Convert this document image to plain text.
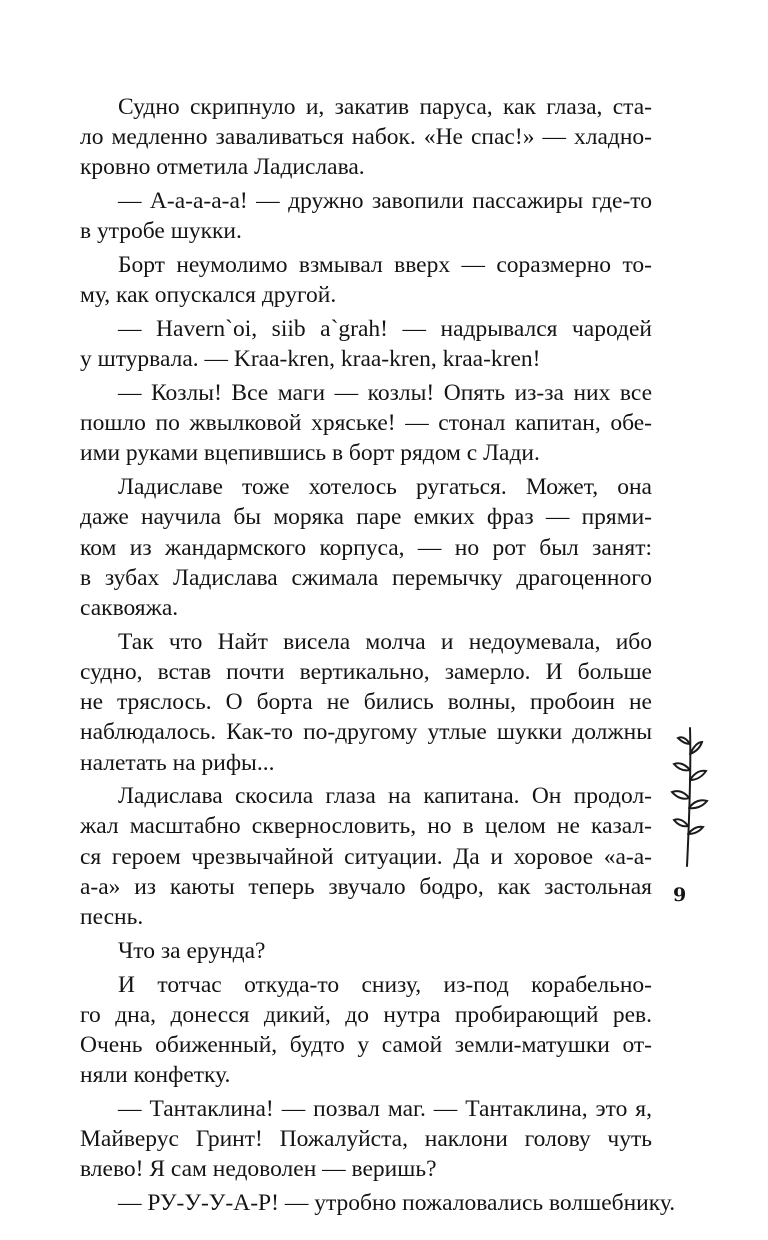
Судно скрипнуло и, закатив паруса, как глаза, ста-
ло медленно заваливаться набок. «Не спас!» — хладно-
кровно отметила Ладислава.
— А-а-а-а-а! — дружно завопили пассажиры где-то
в утробе шукки.
Борт неумолимо взмывал вверх — соразмерно то-
му, как опускался другой.
— Havern`oi, siib a`grah! — надрывался чародей
у штурвала. — Kraa-kren, kraa-kren, kraa-kren!
— Козлы! Все маги — козлы! Опять из-за них все
пошло по жвылковой хряське! — стонал капитан, обе-
ими руками вцепившись в борт рядом с Лади.
Ладиславе тоже хотелось ругаться. Может, она
даже научила бы моряка паре емких фраз — прями-
ком из жандармского корпуса, — но рот был занят:
в зубах Ладислава сжимала перемычку драгоценного
саквояжа.
Так что Найт висела молча и недоумевала, ибо
судно, встав почти вертикально, замерло. И больше
не тряслось. О борта не бились волны, пробоин не
наблюдалось. Как-то по-другому утлые шукки должны
налетать на рифы...
Ладислава скосила глаза на капитана. Он продол-
жал масштабно сквернословить, но в целом не казал-
ся героем чрезвычайной ситуации. Да и хоровое «а-а-
а-а» из каюты теперь звучало бодро, как застольная
песнь.
Что за ерунда?
И тотчас откуда-то снизу, из-под корабельно-
го дна, донесся дикий, до нутра пробирающий рев.
Очень обиженный, будто у самой земли-матушки от-
няли конфетку.
— Тантаклина! — позвал маг. — Тантаклина, это я,
Майверус Гринт! Пожалуйста, наклони голову чуть
влево! Я сам недоволен — веришь?
— РУ-У-У-А-Р! — утробно пожаловались волшебнику.
9
